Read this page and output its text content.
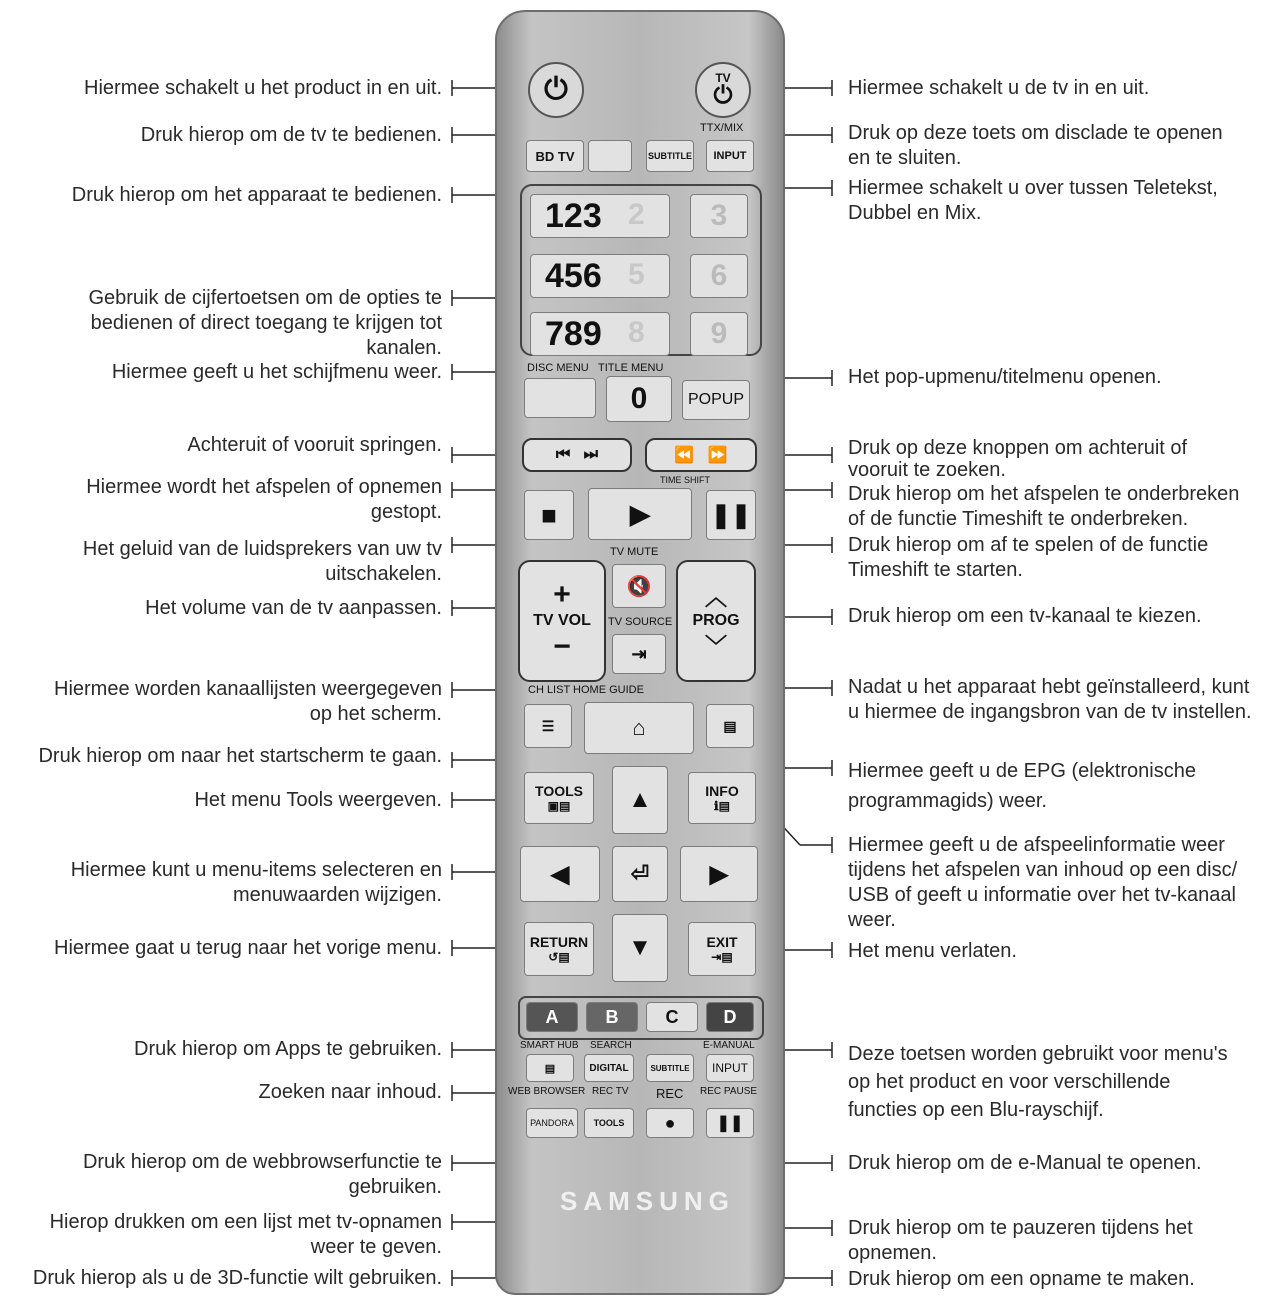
⏻	TV
⏻
TTX/MIX
BD TV	SUBTITLE	INPUT
123	3
456	6
789	9
DISC MENU TITLE MENU
0	POPUP
⏮
⏭	⏪
⏩
TIME SHIFT
■	▶	❚❚
TV MUTE
+
TV VOL
−
🔇
TV SOURCE
⇥
︿
PROG
﹀
CH LIST HOME GUIDE
☰	⌂	▤
TOOLS
▣▤
INFO
ℹ▤
▲
◀	⏎	▶
▼
RETURN
↺▤
EXIT
⇥▤
A	B	C	D
SMART HUB SEARCH	E-MANUAL
▤	DIGITAL	SUBTITLE	INPUT
WEB BROWSER REC TV REC REC PAUSE
PANDORA	TOOLS	●	❚❚
SAMSUNG
Hiermee schakelt u het product in en uit.
Druk hierop om de tv te bedienen.
Druk hierop om het apparaat te bedienen.
Gebruik de cijfertoetsen om de opties te
bedienen of direct toegang te krijgen tot
kanalen.
Hiermee geeft u het schijfmenu weer.
Achteruit of vooruit springen.
Hiermee wordt het afspelen of opnemen
gestopt.
Het geluid van de luidsprekers van uw tv
uitschakelen.
Het volume van de tv aanpassen.
Hiermee worden kanaallijsten weergegeven
op het scherm.
Druk hierop om naar het startscherm te gaan.
Het menu Tools weergeven.
Hiermee kunt u menu-items selecteren en
menuwaarden wijzigen.
Hiermee gaat u terug naar het vorige menu.
Druk hierop om Apps te gebruiken.
Zoeken naar inhoud.
Druk hierop om de webbrowserfunctie te
gebruiken.
Hierop drukken om een lijst met tv-opnamen
weer te geven.
Druk hierop als u de 3D-functie wilt gebruiken.
Hiermee schakelt u de tv in en uit.
Druk op deze toets om disclade te openen
en te sluiten.
Hiermee schakelt u over tussen Teletekst,
Dubbel en Mix.
Het pop-upmenu/titelmenu openen.
Druk op deze knoppen om achteruit of
vooruit te zoeken.
Druk hierop om het afspelen te onderbreken
of de functie Timeshift te onderbreken.
Druk hierop om af te spelen of de functie
Timeshift te starten.
Druk hierop om een tv-kanaal te kiezen.
Nadat u het apparaat hebt geïnstalleerd, kunt
u hiermee de ingangsbron van de tv instellen.
Hiermee geeft u de EPG (elektronische
programmagids) weer.
Hiermee geeft u de afspeelinformatie weer
tijdens het afspelen van inhoud op een disc/
USB of geeft u informatie over het tv-kanaal
weer.
Het menu verlaten.
Deze toetsen worden gebruikt voor menu's
op het product en voor verschillende
functies op een Blu-rayschijf.
Druk hierop om de e-Manual te openen.
Druk hierop om te pauzeren tijdens het
opnemen.
Druk hierop om een opname te maken.
2
5
8
